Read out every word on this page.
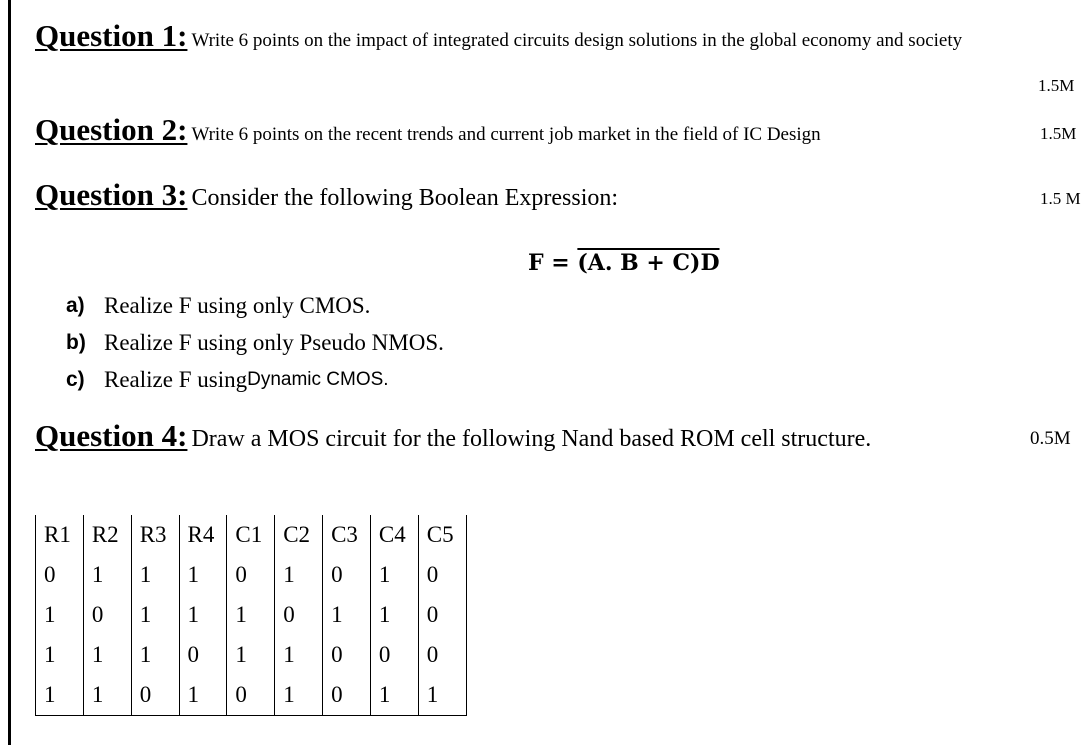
Question 1: Write 6 points on the impact of integrated circuits design solutions in the global economy and society
1.5M
Question 2: Write 6 points on the recent trends and current job market in the field of IC Design	1.5M
Question 3: Consider the following Boolean Expression:	1.5 M
F = (A. B + C)D
a) Realize F using only CMOS.
b) Realize F using only Pseudo NMOS.
c) Realize F using Dynamic CMOS.
Question 4: Draw a MOS circuit for the following Nand based ROM cell structure.	0.5M
R1	R2	R3	R4	C1	C2	C3	C4	C5
0	1	1	1	0	1	0	1	0
1	0	1	1	1	0	1	1	0
1	1	1	0	1	1	0	0	0
1	1	0	1	0	1	0	1	1
